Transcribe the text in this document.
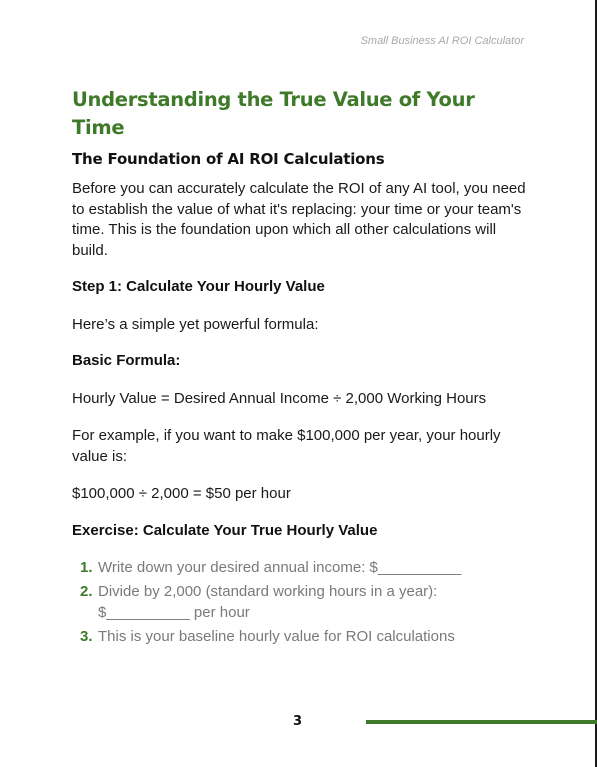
Small Business AI ROI Calculator
Understanding the True Value of Your Time
The Foundation of AI ROI Calculations

Before you can accurately calculate the ROI of any AI tool, you need to establish the value of what it's replacing: your time or your team's time. This is the foundation upon which all other calculations will build.

Step 1: Calculate Your Hourly Value

Here’s a simple yet powerful formula:

Basic Formula:

Hourly Value = Desired Annual Income ÷ 2,000 Working Hours

For example, if you want to make $100,000 per year, your hourly value is:

$100,000 ÷ 2,000 = $50 per hour

Exercise: Calculate Your True Hourly Value

1. Write down your desired annual income: $__________
2. Divide by 2,000 (standard working hours in a year): $__________ per hour
3. This is your baseline hourly value for ROI calculations
3
